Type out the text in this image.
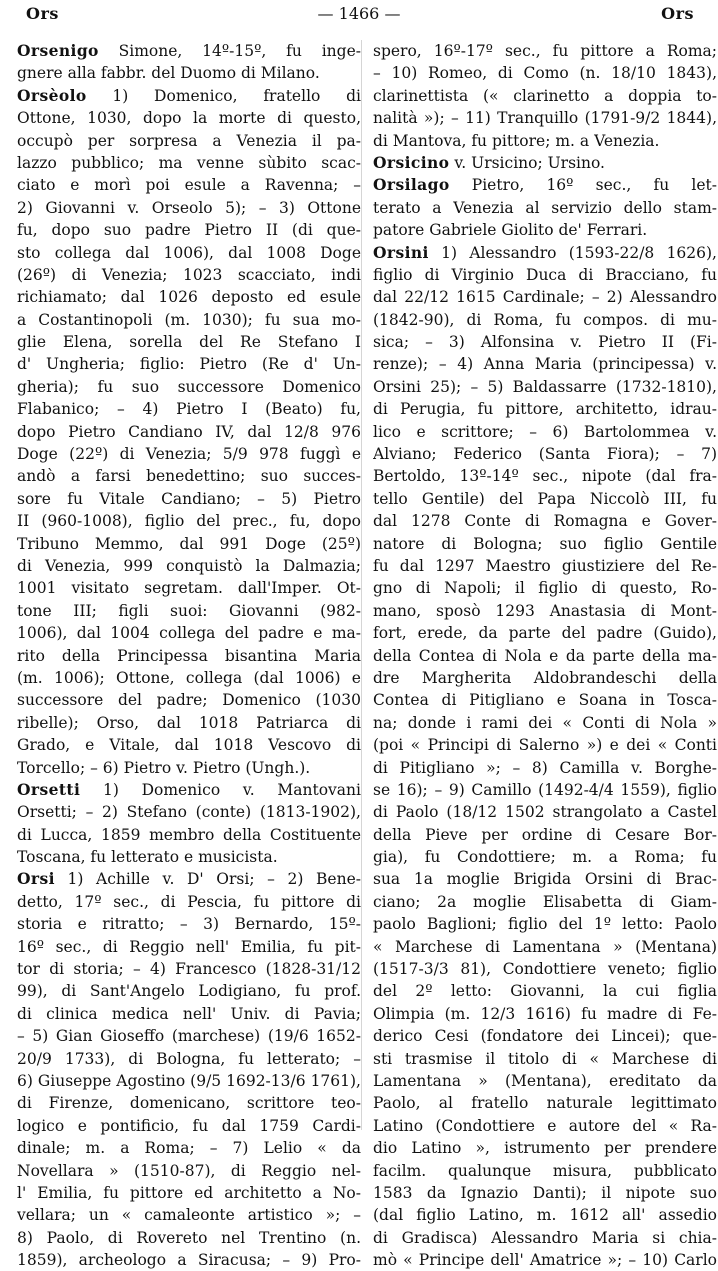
Ors	— 1466 —	Ors
Orsenigo Simone, 14º-15º, fu inge-
gnere alla fabbr. del Duomo di Milano.
Orsèolo 1) Domenico, fratello di
Ottone, 1030, dopo la morte di questo,
occupò per sorpresa a Venezia il pa-
lazzo pubblico; ma venne sùbito scac-
ciato e morì poi esule a Ravenna; –
2) Giovanni v. Orseolo 5); – 3) Ottone
fu, dopo suo padre Pietro II (di que-
sto collega dal 1006), dal 1008 Doge
(26º) di Venezia; 1023 scacciato, indi
richiamato; dal 1026 deposto ed esule
a Costantinopoli (m. 1030); fu sua mo-
glie Elena, sorella del Re Stefano I
d' Ungheria; figlio: Pietro (Re d' Un-
gheria); fu suo successore Domenico
Flabanico; – 4) Pietro I (Beato) fu,
dopo Pietro Candiano IV, dal 12/8 976
Doge (22º) di Venezia; 5/9 978 fuggì e
andò a farsi benedettino; suo succes-
sore fu Vitale Candiano; – 5) Pietro
II (960-1008), figlio del prec., fu, dopo
Tribuno Memmo, dal 991 Doge (25º)
di Venezia, 999 conquistò la Dalmazia;
1001 visitato segretam. dall'Imper. Ot-
tone III; figli suoi: Giovanni (982-
1006), dal 1004 collega del padre e ma-
rito della Principessa bisantina Maria
(m. 1006); Ottone, collega (dal 1006) e
successore del padre; Domenico (1030
ribelle); Orso, dal 1018 Patriarca di
Grado, e Vitale, dal 1018 Vescovo di
Torcello; – 6) Pietro v. Pietro (Ungh.).
Orsetti 1) Domenico v. Mantovani
Orsetti; – 2) Stefano (conte) (1813-1902),
di Lucca, 1859 membro della Costituente
Toscana, fu letterato e musicista.
Orsi 1) Achille v. D' Orsi; – 2) Bene-
detto, 17º sec., di Pescia, fu pittore di
storia e ritratto; – 3) Bernardo, 15º-
16º sec., di Reggio nell' Emilia, fu pit-
tor di storia; – 4) Francesco (1828-31/12
99), di Sant'Angelo Lodigiano, fu prof.
di clinica medica nell' Univ. di Pavia;
– 5) Gian Gioseffo (marchese) (19/6 1652-
20/9 1733), di Bologna, fu letterato; –
6) Giuseppe Agostino (9/5 1692-13/6 1761),
di Firenze, domenicano, scrittore teo-
logico e pontificio, fu dal 1759 Cardi-
dinale; m. a Roma; – 7) Lelio « da
Novellara » (1510-87), di Reggio nel-
l' Emilia, fu pittore ed architetto a No-
vellara; un « camaleonte artistico »; –
8) Paolo, di Rovereto nel Trentino (n.
1859), archeologo a Siracusa; – 9) Pro-
spero, 16º-17º sec., fu pittore a Roma;
– 10) Romeo, di Como (n. 18/10 1843),
clarinettista (« clarinetto a doppia to-
nalità »); – 11) Tranquillo (1791-9/2 1844),
di Mantova, fu pittore; m. a Venezia.
Orsicino v. Ursicino; Ursino.
Orsilago Pietro, 16º sec., fu let-
terato a Venezia al servizio dello stam-
patore Gabriele Giolito de' Ferrari.
Orsini 1) Alessandro (1593-22/8 1626),
figlio di Virginio Duca di Bracciano, fu
dal 22/12 1615 Cardinale; – 2) Alessandro
(1842-90), di Roma, fu compos. di mu-
sica; – 3) Alfonsina v. Pietro II (Fi-
renze); – 4) Anna Maria (principessa) v.
Orsini 25); – 5) Baldassarre (1732-1810),
di Perugia, fu pittore, architetto, idrau-
lico e scrittore; – 6) Bartolommea v.
Alviano; Federico (Santa Fiora); – 7)
Bertoldo, 13º-14º sec., nipote (dal fra-
tello Gentile) del Papa Niccolò III, fu
dal 1278 Conte di Romagna e Gover-
natore di Bologna; suo figlio Gentile
fu dal 1297 Maestro giustiziere del Re-
gno di Napoli; il figlio di questo, Ro-
mano, sposò 1293 Anastasia di Mont-
fort, erede, da parte del padre (Guido),
della Contea di Nola e da parte della ma-
dre Margherita Aldobrandeschi della
Contea di Pitigliano e Soana in Tosca-
na; donde i rami dei « Conti di Nola »
(poi « Principi di Salerno ») e dei « Conti
di Pitigliano »; – 8) Camilla v. Borghe-
se 16); – 9) Camillo (1492-4/4 1559), figlio
di Paolo (18/12 1502 strangolato a Castel
della Pieve per ordine di Cesare Bor-
gia), fu Condottiere; m. a Roma; fu
sua 1a moglie Brigida Orsini di Brac-
ciano; 2a moglie Elisabetta di Giam-
paolo Baglioni; figlio del 1º letto: Paolo
« Marchese di Lamentana » (Mentana)
(1517-3/3 81), Condottiere veneto; figlio
del 2º letto: Giovanni, la cui figlia
Olimpia (m. 12/3 1616) fu madre di Fe-
derico Cesi (fondatore dei Lincei); que-
sti trasmise il titolo di « Marchese di
Lamentana » (Mentana), ereditato da
Paolo, al fratello naturale legittimato
Latino (Condottiere e autore del « Ra-
dio Latino », istrumento per prendere
facilm. qualunque misura, pubblicato
1583 da Ignazio Danti); il nipote suo
(dal figlio Latino, m. 1612 all' assedio
di Gradisca) Alessandro Maria si chia-
mò « Principe dell' Amatrice »; – 10) Carlo
